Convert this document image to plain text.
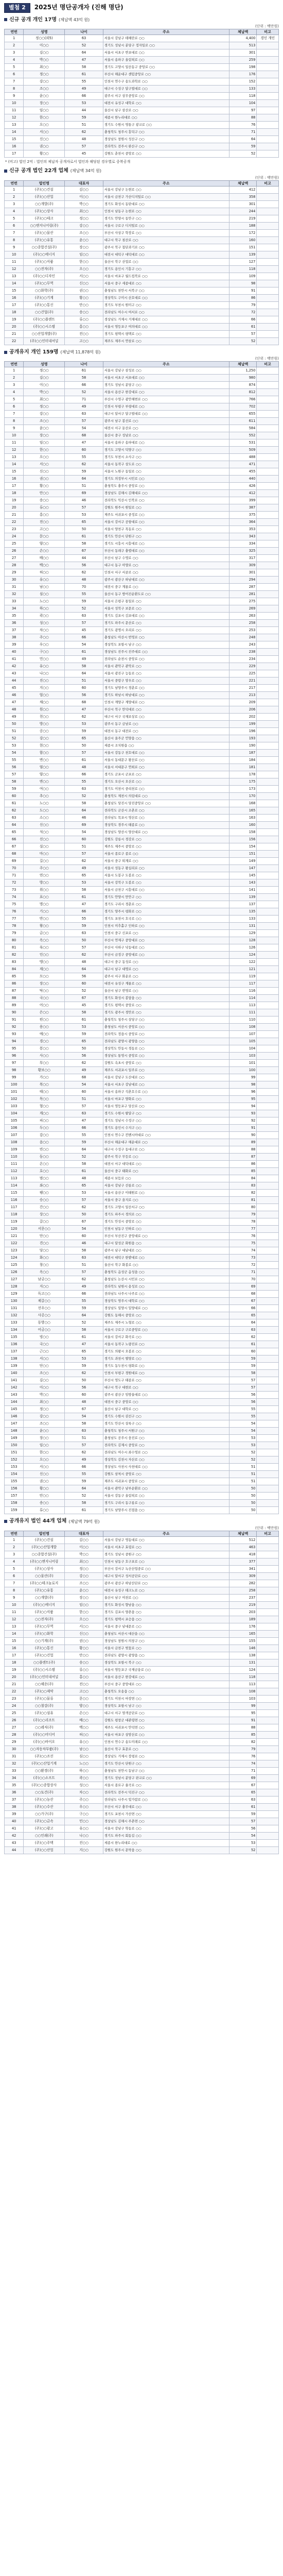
별첨 2	2025년 명단공개자 (진해 명단)
신규 공개 개인 17명 (체납액 43억 원)
(단위 : 백만원)
연번	성명	나이	주소	체납액	비고
1	정○○(외5)	63	서울시 강남구 테헤란로 ○○	4,400	경인 개인
2	이○○	52	경기도 성남시 분당구 정자일로 ○○	513	
3	김○○	64	서울시 서초구 반포대로 ○○	301	
4	박○○	47	서울시 송파구 올림픽로 ○○	259	
5	최○○	58	경기도 고양시 일산동구 중앙로 ○○	198	
6	정○○	61	부산시 해운대구 센텀중앙로 ○○	176	
7	강○○	55	인천시 연수구 송도과학로 ○○	152	
8	조○○	49	대구시 수성구 달구벌대로 ○○	133	
9	윤○○	66	광주시 서구 상무중앙로 ○○	118	
10	장○○	53	대전시 유성구 대학로 ○○	104	
11	임○○	44	울산시 남구 삼산로 ○○	97	
12	한○○	59	세종시 한누리대로 ○○	88	
13	오○○	51	경기도 수원시 영통구 광교로 ○○	76	
14	서○○	62	충청북도 청주시 흥덕구 ○○	71	
15	신○○	48	경상남도 창원시 성산구 ○○	64	
16	권○○	57	전라북도 전주시 완산구 ○○	59	
17	황○○	45	강원도 춘천시 중앙로 ○○	52	
* (비고) 법인 2억 : 법인의 체납자 공개자로서 법인과 해당된 경우별로 중복공개
신규 공개 법인 22개 업체 (체납액 34억 원)
(단위 : 백만원)
연번	법인명	대표자	주소	체납액	비고
1	(주)○○건설	김○○	서울시 강남구 논현로 ○○	412	
2	(주)○○산업	이○○	서울시 금천구 가산디지털로 ○○	358	
3	○○개발(주)	박○○	경기도 화성시 동탄대로 ○○	301	
4	(주)○○상사	최○○	인천시 남동구 논현로 ○○	244	
5	(주)○○테크	정○○	경기도 안양시 동안구 ○○	219	
6	○○엔지니어링(주)	강○○	서울시 구로구 디지털로 ○○	188	
7	(주)○○물산	조○○	부산시 사상구 학장로 ○○	172	
8	(주)○○유통	윤○○	대구시 북구 침산로 ○○	160	
9	○○종합건설(주)	장○○	광주시 북구 첨단과기로 ○○	151	
10	(주)○○에너지	임○○	대전시 대덕구 대덕대로 ○○	139	
11	(주)○○식품	한○○	울산시 북구 산업로 ○○	127	
12	○○전자(주)	오○○	경기도 용인시 기흥구 ○○	118	
13	(주)○○디자인	서○○	서울시 마포구 월드컵북로 ○○	109	
14	(주)○○무역	신○○	서울시 중구 세종대로 ○○	98	
15	○○화학(주)	권○○	충청남도 천안시 서북구 ○○	91	
16	(주)○○기계	황○○	경상북도 구미시 산호대로 ○○	86	
17	(주)○○통신	안○○	경기도 부천시 원미구 ○○	79	
18	○○건업(주)	송○○	전라남도 여수시 여서로 ○○	72	
19	(주)○○플랜트	류○○	경상남도 거제시 거제대로 ○○	66	
20	(주)○○시스템	홍○○	서울시 영등포구 여의대로 ○○	61	
21	○○산업개발(주)	전○○	경기도 평택시 평택로 ○○	57	
22	(주)○○인터내셔널	고○○	제주도 제주시 연삼로 ○○	52	
공개유지 개인 159명 (체납액 11,878억 원)
(단위 : 백만원)
연번	성명	나이	주소	체납액	비고
1	정○○	61	서울시 강남구 삼성로 ○○	1,250	
2	김○○	58	서울시 서초구 서초대로 ○○	980	
3	이○○	66	경기도 성남시 분당구 ○○	874	
4	박○○	52	서울시 용산구 한강대로 ○○	812	
5	최○○	71	부산시 수영구 광안해변로 ○○	766	
6	정○○	49	인천시 부평구 부평대로 ○○	702	
7	강○○	63	대구시 달서구 달구벌대로 ○○	655	
8	조○○	57	광주시 남구 봉선로 ○○	611	
9	윤○○	54	대전시 서구 둔산로 ○○	584	
10	장○○	68	울산시 중구 성남로 ○○	552	
11	임○○	47	서울시 송파구 송파대로 ○○	531	
12	한○○	60	경기도 고양시 덕양구 ○○	509	
13	오○○	55	경기도 부천시 소사구 ○○	488	
14	서○○	62	서울시 동작구 상도로 ○○	471	
15	신○○	59	서울시 노원구 동일로 ○○	455	
16	권○○	64	경기도 의정부시 시민로 ○○	440	
17	황○○	51	충청북도 충주시 중앙로 ○○	426	
18	안○○	69	경상남도 김해시 김해대로 ○○	412	
19	송○○	46	전라북도 익산시 인북로 ○○	399	
20	류○○	57	강원도 원주시 원일로 ○○	387	
21	홍○○	53	제주도 서귀포시 중정로 ○○	375	
22	전○○	65	서울시 강서구 공항대로 ○○	364	
23	고○○	50	서울시 양천구 목동로 ○○	353	
24	문○○	61	경기도 안산시 단원구 ○○	343	
25	양○○	58	경기도 시흥시 시흥대로 ○○	334	
26	손○○	67	부산시 동래구 충렬대로 ○○	325	
27	배○○	44	부산시 남구 수영로 ○○	317	
28	백○○	56	대구시 동구 아양로 ○○	309	
29	허○○	62	인천시 서구 서곶로 ○○	301	
30	유○○	48	광주시 광산구 하남대로 ○○	294	
31	남○○	70	대전시 중구 계룡로 ○○	287	
32	심○○	55	울산시 동구 방어진순환도로 ○○	281	
33	노○○	59	서울시 은평구 통일로 ○○	275	
34	하○○	52	서울시 성북구 보문로 ○○	269	
35	곽○○	63	경기도 김포시 김포대로 ○○	263	
36	성○○	57	경기도 파주시 문산로 ○○	258	
37	차○○	45	경기도 광명시 오리로 ○○	253	
38	주○○	66	충청남도 아산시 번영로 ○○	248	
39	우○○	54	경상북도 포항시 남구 ○○	243	
40	구○○	61	경상남도 진주시 진주대로 ○○	238	
41	민○○	49	전라남도 순천시 중앙로 ○○	234	
42	유○○	58	서울시 관악구 관악로 ○○	229	
43	나○○	64	서울시 광진구 능동로 ○○	225	
44	진○○	51	서울시 중랑구 망우로 ○○	221	
45	지○○	60	경기도 남양주시 경춘로 ○○	217	
46	엄○○	56	경기도 하남시 하남대로 ○○	213	
47	채○○	68	인천시 계양구 계양대로 ○○	209	
48	원○○	47	부산시 북구 만덕대로 ○○	206	
49	천○○	62	대구시 서구 국채보상로 ○○	202	
50	방○○	53	광주시 동구 금남로 ○○	199	
51	공○○	59	대전시 동구 대전로 ○○	196	
52	강○○	65	울산시 울주군 언양읍 ○○	193	
53	현○○	50	세종시 조치원읍 ○○	190	
54	함○○	57	서울시 강동구 천호대로 ○○	187	
55	변○○	61	서울시 동대문구 왕산로 ○○	184	
56	염○○	48	서울시 서대문구 연희로 ○○	181	
57	양○○	66	경기도 군포시 군포로 ○○	178	
58	변○○	55	경기도 오산시 오산로 ○○	175	
59	여○○	63	경기도 이천시 중리천로 ○○	173	
60	추○○	52	충청북도 제천시 의림대로 ○○	170	
61	노○○	58	충청남도 당진시 당진중앙로 ○○	168	
62	도○○	64	전라북도 군산시 조촌로 ○○	165	
63	소○○	46	전라남도 목포시 영산로 ○○	163	
64	신○○	69	경상북도 경주시 태종로 ○○	160	
65	석○○	54	경상남도 양산시 양산대로 ○○	158	
66	선○○	60	강원도 강릉시 경강로 ○○	156	
67	설○○	51	제주도 제주시 중앙로 ○○	154	
68	마○○	57	서울시 종로구 종로 ○○	151	
69	길○○	62	서울시 중구 퇴계로 ○○	149	
70	주○○	49	서울시 성동구 왕십리로 ○○	147	
71	연○○	65	서울시 도봉구 도봉로 ○○	145	
72	방○○	53	서울시 강북구 도봉로 ○○	143	
73	위○○	58	서울시 금천구 시흥대로 ○○	141	
74	표○○	61	경기도 안양시 만안구 ○○	139	
75	명○○	47	경기도 구리시 경춘로 ○○	137	
76	기○○	66	경기도 양주시 평화로 ○○	135	
77	반○○	55	경기도 포천시 호국로 ○○	133	
78	왕○○	59	인천시 미추홀구 인하로 ○○	131	
79	금○○	63	인천시 중구 신포로 ○○	129	
80	옥○○	50	부산시 연제구 중앙대로 ○○	128	
81	육○○	57	부산시 사하구 낙동대로 ○○	126	
82	인○○	62	부산시 금정구 중앙대로 ○○	124	
83	맹○○	48	대구시 중구 동성로 ○○	122	
84	제○○	64	대구시 남구 대명로 ○○	121	
85	모○○	56	광주시 서구 화운로 ○○	119	
86	장○○	60	대전시 유성구 계룡로 ○○	117	
87	탁○○	52	울산시 남구 번영로 ○○	116	
88	국○○	67	경기도 화성시 봉담읍 ○○	114	
89	어○○	45	경기도 평택시 중앙로 ○○	113	
90	은○○	58	경기도 광주시 경안로 ○○	111	
91	편○○	61	충청북도 청주시 상당구 ○○	110	
92	용○○	53	충청남도 서산시 중앙로 ○○	108	
93	예○○	59	전라북도 정읍시 중앙로 ○○	107	
94	경○○	65	전라남도 광양시 광양읍 ○○	105	
95	봉○○	50	경상북도 안동시 경동로 ○○	104	
96	사○○	56	경상남도 통영시 중앙로 ○○	103	
97	부○○	62	강원도 속초시 중앙로 ○○	101	
98	황보○○	49	제주도 서귀포시 일주로 ○○	100	
99	가○○	68	서울시 강남구 도산대로 ○○	99	
100	복○○	54	서울시 서초구 강남대로 ○○	98	
101	태○○	60	서울시 송파구 석촌호수로 ○○	96	
102	목○○	51	서울시 마포구 양화로 ○○	95	
103	형○○	57	서울시 영등포구 당산로 ○○	94	
104	계○○	63	경기도 수원시 팔달구 ○○	93	
105	피○○	47	경기도 성남시 수정구 ○○	92	
106	두○○	66	경기도 용인시 수지구 ○○	91	
107	감○○	55	인천시 연수구 컨벤시아대로 ○○	90	
108	음○○	59	부산시 해운대구 해운대로 ○○	89	
109	빈○○	64	대구시 수성구 동대구로 ○○	88	
110	동○○	52	광주시 북구 무등로 ○○	87	
111	온○○	58	대전시 서구 대덕대로 ○○	86	
112	호○○	61	울산시 중구 태화로 ○○	85	
113	범○○	48	세종시 보듬로 ○○	84	
114	좌○○	65	서울시 강남구 선릉로 ○○	83	
115	팽○○	53	서울시 용산구 이태원로 ○○	82	
116	승○○	57	서울시 중구 을지로 ○○	81	
117	간○○	62	경기도 고양시 일산서구 ○○	80	
118	상○○	50	경기도 파주시 경의로 ○○	79	
119	갈○○	67	경기도 안성시 중앙로 ○○	78	
120	서문○○	54	인천시 남동구 인하로 ○○	77	
121	단○○	60	부산시 부산진구 중앙대로 ○○	76	
122	견○○	46	대구시 달성군 화원읍 ○○	75	
123	당○○	58	광주시 남구 대남대로 ○○	74	
124	화○○	63	대전시 대덕구 한밭대로 ○○	73	
125	창○○	51	울산시 북구 화봉로 ○○	72	
126	옥○○	57	충청북도 음성군 음성읍 ○○	71	
127	남궁○○	62	충청남도 논산시 시민로 ○○	70	
128	지○○	49	전라북도 남원시 용성로 ○○	69	
129	독고○○	66	전라남도 나주시 나주로 ○○	68	
130	제갈○○	55	경상북도 영주시 대학로 ○○	67	
131	선우○○	59	경상남도 밀양시 밀양대로 ○○	66	
132	사공○○	64	강원도 동해시 중앙로 ○○	65	
133	동방○○	52	제주도 제주시 노형로 ○○	64	
134	어금○○	58	서울시 구로구 구로중앙로 ○○	63	
135	빙○○	61	서울시 강서구 화곡로 ○○	62	
136	국○○	47	서울시 동작구 노량진로 ○○	61	
137	근○○	65	경기도 의왕시 오봉로 ○○	60	
138	서○○	53	경기도 과천시 별양로 ○○	59	
139	단○○	59	경기도 동두천시 평화로 ○○	59	
140	조○○	62	인천시 부평구 경원대로 ○○	58	
141	김○○	50	부산시 영도구 태종로 ○○	57	
142	이○○	56	대구시 북구 대현로 ○○	57	
143	박○○	60	광주시 광산구 임방울대로 ○○	56	
144	최○○	48	대전시 중구 중앙로 ○○	56	
145	정○○	67	울산시 남구 대학로 ○○	55	
146	강○○	54	경기도 수원시 권선구 ○○	55	
147	조○○	58	경기도 안산시 상록구 ○○	54	
148	윤○○	63	충청북도 청주시 서원구 ○○	54	
149	장○○	51	충청남도 공주시 웅진로 ○○	53	
150	임○○	57	전라북도 김제시 중앙로 ○○	53	
151	한○○	62	전라남도 여수시 좌수영로 ○○	52	
152	오○○	49	경상북도 김천시 자산로 ○○	52	
153	서○○	66	경상남도 사천시 사천대로 ○○	51	
154	신○○	55	강원도 삼척시 중앙로 ○○	51	
155	권○○	59	제주도 서귀포시 중앙로 ○○	51	
156	황○○	64	서울시 관악구 남부순환로 ○○	50	
157	안○○	52	서울시 강동구 올림픽로 ○○	50	
158	송○○	58	경기도 구리시 동구릉로 ○○	50	
159	류○○	61	경기도 남양주시 진접읍 ○○	50	
공개유지 법인 44개 업체 (체납액 79억 원)
(단위 : 백만원)
연번	법인명	대표자	주소	체납액	비고
1	(주)○○건설	김○○	서울시 강남구 영동대로 ○○	512	
2	(주)○○산업개발	이○○	서울시 서초구 효령로 ○○	463	
3	○○종합건설(주)	박○○	경기도 성남시 중원구 ○○	418	
4	(주)○○엔지니어링	최○○	인천시 남동구 호구포로 ○○	377	
5	(주)○○상사	정○○	부산시 강서구 녹산산업중로 ○○	341	
6	○○물산(주)	강○○	대구시 달서구 성서공단로 ○○	309	
7	(주)○○테크놀로지	조○○	광주시 광산구 하남산단로 ○○	282	
8	(주)○○유통	윤○○	대전시 유성구 테크노로 ○○	258	
9	○○개발(주)	장○○	울산시 남구 여천로 ○○	237	
10	(주)○○에너지	임○○	경기도 화성시 향남읍 ○○	219	
11	(주)○○식품	한○○	경기도 김포시 양촌읍 ○○	203	
12	○○전자(주)	오○○	경기도 평택시 포승읍 ○○	189	
13	(주)○○무역	서○○	서울시 중구 남대문로 ○○	176	
14	(주)○○화학	신○○	충청남도 서산시 대산읍 ○○	165	
15	○○기계(주)	권○○	경상남도 창원시 의창구 ○○	155	
16	(주)○○통신	황○○	서울시 금천구 벚꽃로 ○○	146	
17	(주)○○건업	안○○	전라남도 광양시 광양읍 ○○	138	
18	○○플랜트(주)	송○○	경상북도 포항시 북구 ○○	131	
19	(주)○○시스템	류○○	서울시 영등포구 국제금융로 ○○	124	
20	(주)○○인터내셔널	홍○○	서울시 용산구 한강대로 ○○	118	
21	○○해운(주)	전○○	부산시 중구 중앙대로 ○○	113	
22	(주)○○제약	고○○	충청북도 오송읍 ○○	108	
23	(주)○○물류	문○○	경기도 이천시 마장면 ○○	103	
24	○○철강(주)	양○○	경상북도 포항시 남구 ○○	99	
25	(주)○○섬유	손○○	대구시 서구 염색공단로 ○○	95	
26	(주)○○리조트	배○○	강원도 평창군 대관령면 ○○	91	
27	○○레저(주)	백○○	제주도 서귀포시 안덕면 ○○	88	
28	(주)○○미디어	허○○	서울시 마포구 상암산로 ○○	85	
29	(주)○○바이오	유○○	인천시 연수구 송도미래로 ○○	82	
30	○○자동차부품(주)	남○○	울산시 북구 효문로 ○○	79	
31	(주)○○조선	심○○	경상남도 거제시 장평로 ○○	76	
32	(주)○○산업기계	노○○	경기도 안산시 단원구 ○○	74	
33	○○환경(주)	하○○	충청남도 천안시 동남구 ○○	71	
34	(주)○○소프트	곽○○	경기도 성남시 분당구 판교로 ○○	69	
35	(주)○○종합상사	성○○	서울시 종로구 율곡로 ○○	67	
36	○○토건(주)	차○○	전라북도 전주시 덕진구 ○○	65	
37	(주)○○농산	주○○	전라남도 나주시 빛가람로 ○○	63	
38	(주)○○수산	우○○	부산시 서구 충무대로 ○○	61	
39	○○가구(주)	구○○	경기도 포천시 가산면 ○○	59	
40	(주)○○금속	민○○	경상남도 김해시 주촌면 ○○	57	
41	(주)○○광고	유○○	서울시 강남구 학동로 ○○	56	
42	○○인쇄(주)	나○○	경기도 파주시 회동길 ○○	54	
43	(주)○○주택	진○○	세종시 한누리대로 ○○	53	
44	(주)○○산업	지○○	강원도 원주시 문막읍 ○○	52	
